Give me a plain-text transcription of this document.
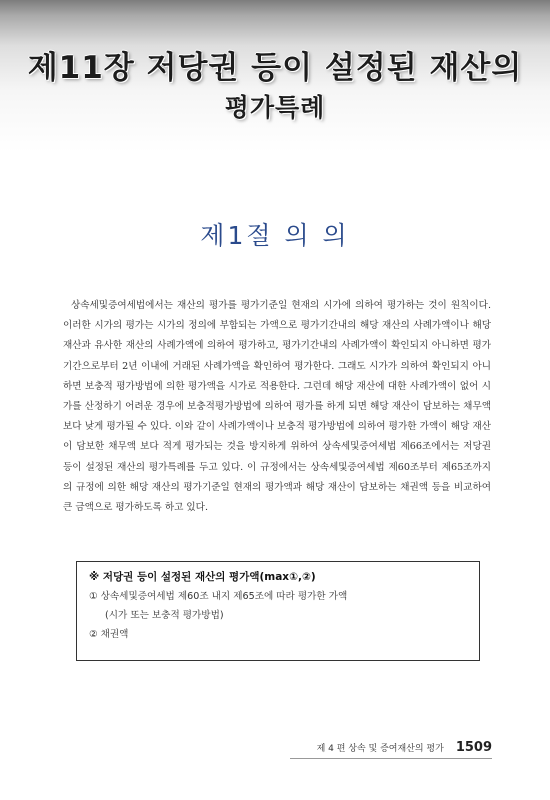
제11장 저당권 등이 설정된 재산의
평가특례
제1절 의 의

상속세및증여세법에서는 재산의 평가를 평가기준일 현재의 시가에 의하여 평가하는 것이 원칙이다. 이러한 시가의 평가는 시가의 정의에 부합되는 가액으로 평가기간내의 해당 재산의 사례가액이나 해당 재산과 유사한 재산의 사례가액에 의하여 평가하고, 평가기간내의 사례가액이 확인되지 아니하면 평가기간으로부터 2년 이내에 거래된 사례가액을 확인하여 평가한다. 그래도 시가가 의하여 확인되지 아니하면 보충적 평가방법에 의한 평가액을 시가로 적용한다. 그런데 해당 재산에 대한 사례가액이 없어 시가를 산정하기 어려운 경우에 보충적평가방법에 의하여 평가를 하게 되면 해당 재산이 담보하는 채무액보다 낮게 평가될 수 있다. 이와 같이 사례가액이나 보충적 평가방법에 의하여 평가한 가액이 해당 재산이 담보한 채무액 보다 적게 평가되는 것을 방지하게 위하여 상속세및증여세법 제66조에서는 저당권 등이 설정된 재산의 평가특례를 두고 있다. 이 규정에서는 상속세및증여세법 제60조부터 제65조까지의 규정에 의한 해당 재산의 평가기준일 현재의 평가액과 해당 재산이 담보하는 채권액 등을 비교하여 큰 금액으로 평가하도록 하고 있다.

※ 저당권 등이 설정된 재산의 평가액(max①,②)
① 상속세및증여세법 제60조 내지 제65조에 따라 평가한 가액
(시가 또는 보충적 평가방법)
② 채권액
제 4 편 상속 및 증여재산의 평가 1509
